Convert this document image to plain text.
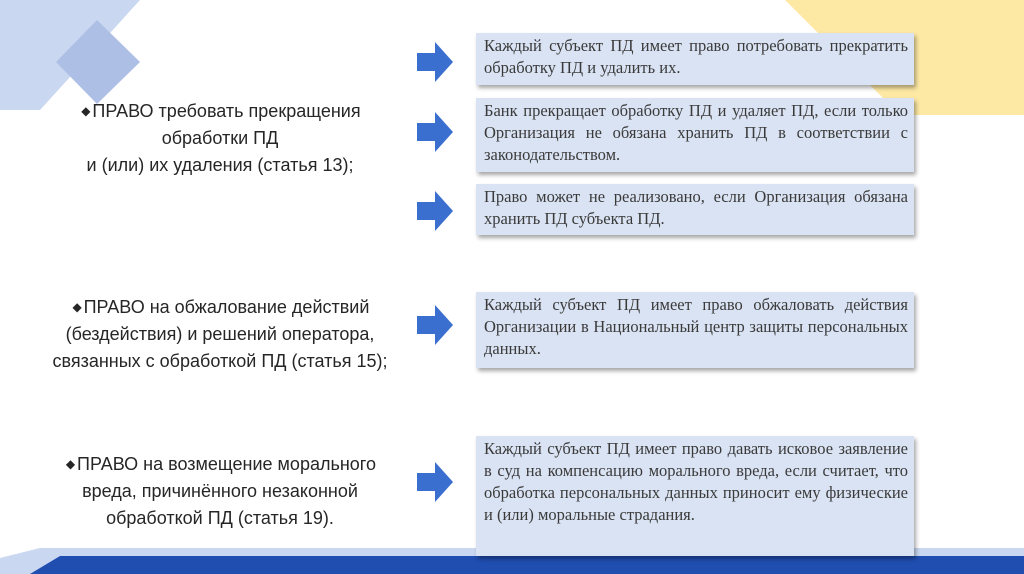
◆ ПРАВО требовать прекращения
обработки ПД
и (или) их удаления (статья 13);
◆ ПРАВО на обжалование действий
(бездействия) и решений оператора,
связанных с обработкой ПД (статья 15);
◆ ПРАВО на возмещение морального
вреда, причинённого незаконной
обработкой ПД (статья 19).
Каждый субъект ПД имеет право потребовать прекратить обработку ПД и удалить их.
Банк прекращает обработку ПД и удаляет ПД, если только Организация не обязана хранить ПД в соответствии с законодательством.
Право может не реализовано, если Организация обязана хранить ПД субъекта ПД.
Каждый субъект ПД имеет право обжаловать действия Организации в Национальный центр защиты персональных данных.
Каждый субъект ПД имеет право давать исковое заявление в суд на компенсацию морального вреда, если считает, что обработка персональных данных приносит ему физические и (или) моральные страдания.
